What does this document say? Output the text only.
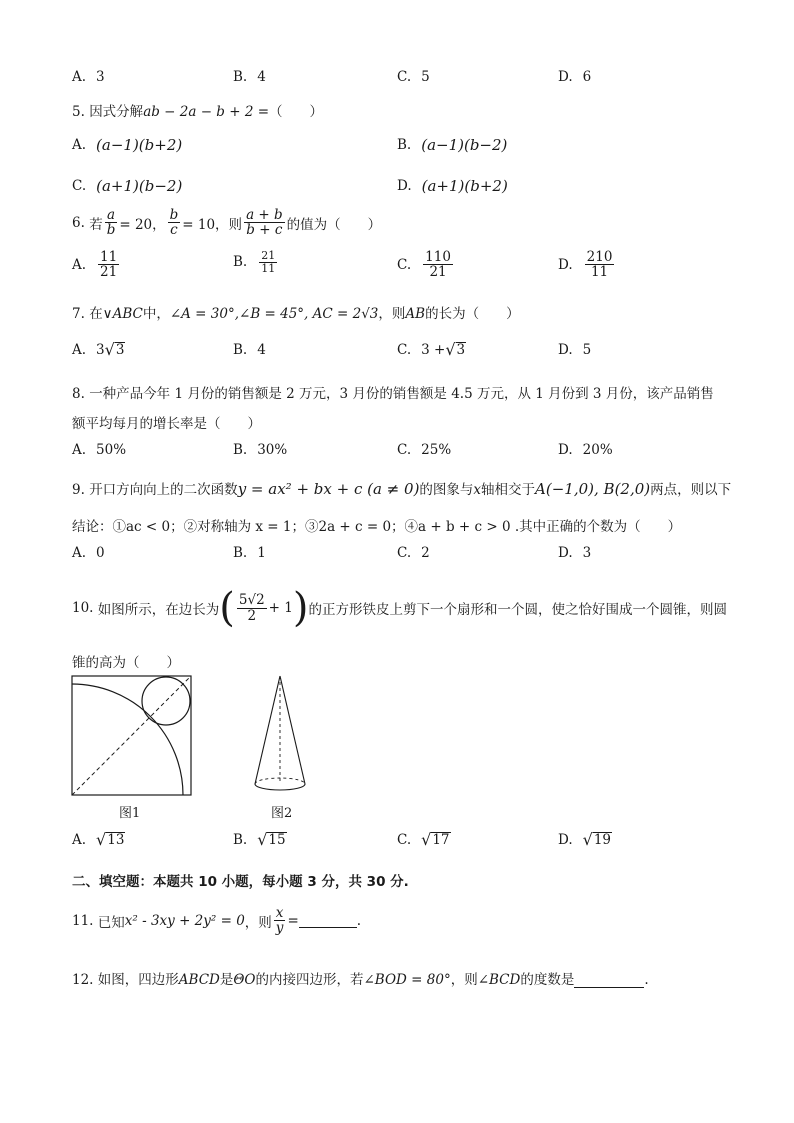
A. 3	B. 4	C. 5	D. 6
5. 因式分解ab − 2a − b + 2 =（　　）
A. (a−1)(b+2)	B. (a−1)(b−2)
C. (a+1)(b−2)	D. (a+1)(b+2)
6.
若 $\frac{a}{b} = 20$， $\frac{b}{c} = 10$，则 $\frac{a + b}{b + c}$ 的值为（　　）
A. $\frac{11}{21}$	B. $\frac{21}{11}$	C. $\frac{110}{21}$	D. $\frac{210}{11}$
7. 在∨ABC中，∠A = 30°,∠B = 45°, AC = 2√3，则AB的长为（　　）
A. 3 √ 3	B. 4	C. 3 + √ 3	D. 5
8. 一种产品今年 1 月份的销售额是 2 万元，3 月份的销售额是 4.5 万元，从 1 月份到 3 月份，该产品销售
额平均每月的增长率是（　　）
A. 50%	B. 30%	C. 25%	D. 20%
9. 开口方向向上的二次函数y = ax² + bx + c (a ≠ 0)的图象与x轴相交于A(−1,0), B(2,0)两点，则以下
结论：①ac < 0；②对称轴为 x = 1；③2a + c = 0；④a + b + c > 0 .其中正确的个数为（　　）
A. 0	B. 1	C. 2	D. 3
10.
如图所示，在边长为 ( $\frac{5√2}{2} + 1$ ) 的正方形铁皮上剪下一个扇形和一个圆，使之恰好围成一个圆锥，则圆
锥的高为（　　）
图1	图2
A. √ 13	B. √ 15	C. √ 17	D. √ 19
二、填空题：本题共 10 小题，每小题 3 分，共 30 分.
11.
已知 x² - 3xy + 2y² = 0 ，则 $\frac{x}{y}$ =	.
12. 如图，四边形ABCD是ΘO的内接四边形，若∠BOD = 80°，则∠BCD的度数是	.
